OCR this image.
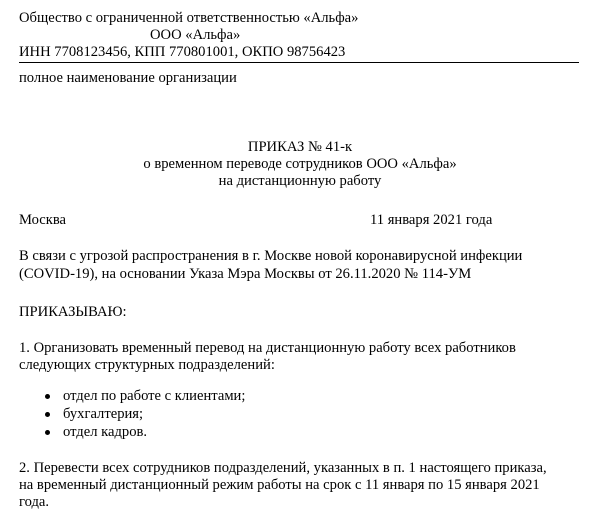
Общество с ограниченной ответственностью «Альфа»
ООО «Альфа»
ИНН 7708123456, КПП 770801001, ОКПО 98756423
полное наименование организации
ПРИКАЗ № 41-к
о временном переводе сотрудников ООО «Альфа»
на дистанционную работу
Москва	11 января 2021 года
В связи с угрозой распространения в г. Москве новой коронавирусной инфекции
(COVID-19), на основании Указа Мэра Москвы от 26.11.2020 № 114-УМ
ПРИКАЗЫВАЮ:
1. Организовать временный перевод на дистанционную работу всех работников
следующих структурных подразделений:
отдел по работе с клиентами;
бухгалтерия;
отдел кадров.
2. Перевести всех сотрудников подразделений, указанных в п. 1 настоящего приказа,
на временный дистанционный режим работы на срок с 11 января по 15 января 2021
года.
